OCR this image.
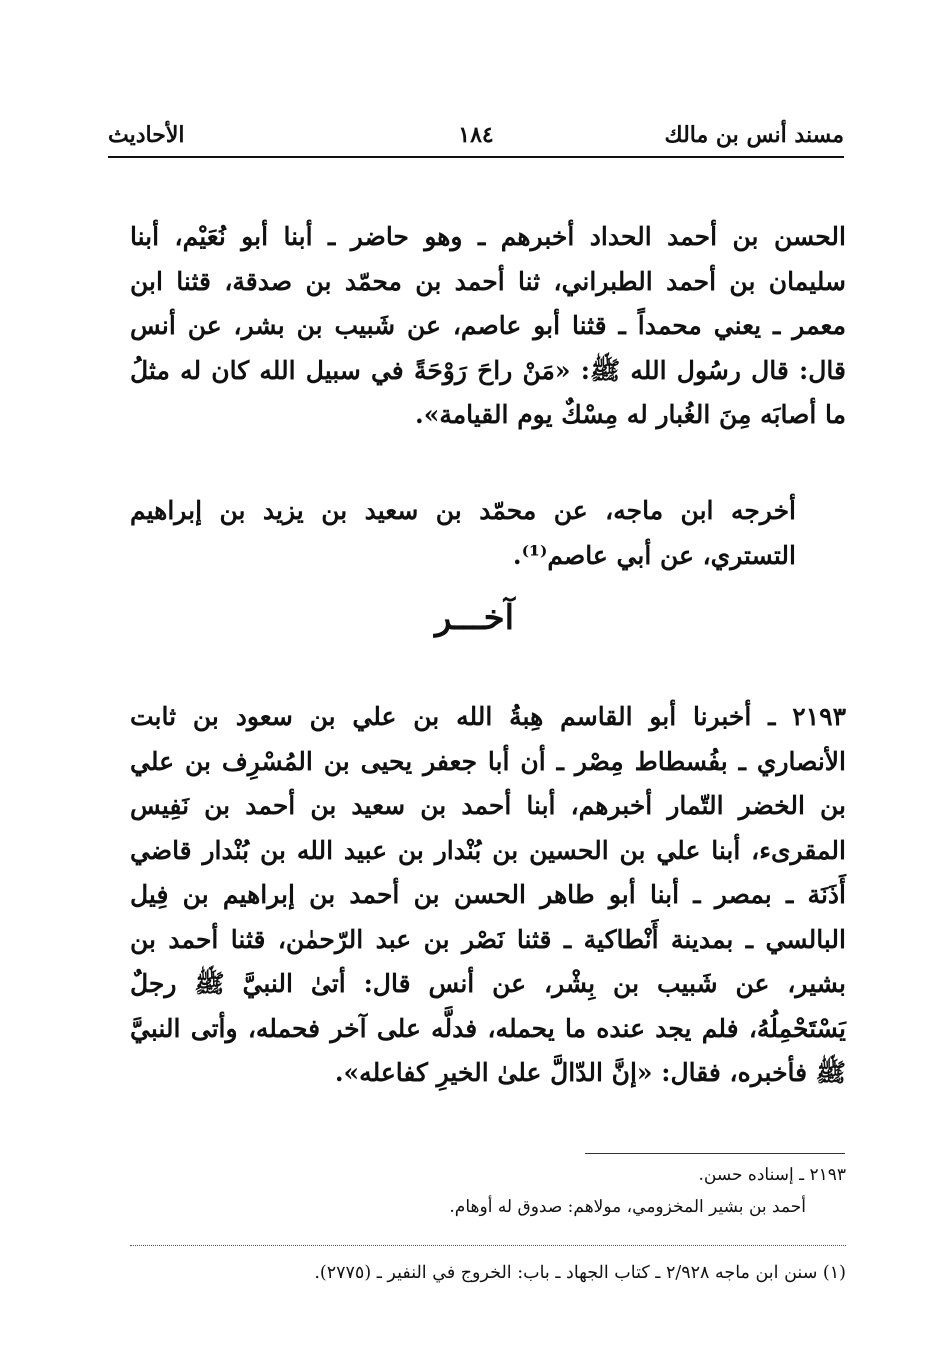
مسند أنس بن مالك
١٨٤
الأحاديث

الحسن بن أحمد الحداد أخبرهم ـ وهو حاضر ـ أبنا أبو نُعَيْم، أبنا سليمان بن أحمد الطبراني، ثنا أحمد بن محمّد بن صدقة، قثنا ابن معمر ـ يعني محمداً ـ قثنا أبو عاصم، عن شَبيب بن بشر، عن أنس قال: قال رسُول الله ﷺ: «مَنْ راحَ رَوْحَةً في سبيل الله كان له مثلُ ما أصابَه مِنَ الغُبار له مِسْكٌ يوم القيامة».

أخرجه ابن ماجه، عن محمّد بن سعيد بن يزيد بن إبراهيم التستري، عن أبي عاصم⁽¹⁾.

آخـــر

٢١٩٣ ـ أخبرنا أبو القاسم هِبةُ الله بن علي بن سعود بن ثابت الأنصاري ـ بفُسطاط مِصْر ـ أن أبا جعفر يحيى بن المُسْرِف بن علي بن الخضر التّمار أخبرهم، أبنا أحمد بن سعيد بن أحمد بن نَفِيس المقرىء، أبنا علي بن الحسين بن بُنْدار بن عبيد الله بن بُنْدار قاضي أَذَنَة ـ بمصر ـ أبنا أبو طاهر الحسن بن أحمد بن إبراهيم بن فِيل البالسي ـ بمدينة أَنْطاكية ـ قثنا نَصْر بن عبد الرّحمٰن، قثنا أحمد بن بشير، عن شَبيب بن بِشْر، عن أنس قال: أتىٰ النبيَّ ﷺ رجلٌ يَسْتَحْمِلُهُ، فلم يجد عنده ما يحمله، فدلَّه على آخر فحمله، وأتى النبيَّ ﷺ فأخبره، فقال: «إنَّ الدّالَّ علىٰ الخيرِ كفاعله».

٢١٩٣ ـ إسناده حسن.
أحمد بن بشير المخزومي، مولاهم: صدوق له أوهام.
(١) سنن ابن ماجه ٢/٩٢٨ ـ كتاب الجهاد ـ باب: الخروج في النفير ـ (٢٧٧٥).
